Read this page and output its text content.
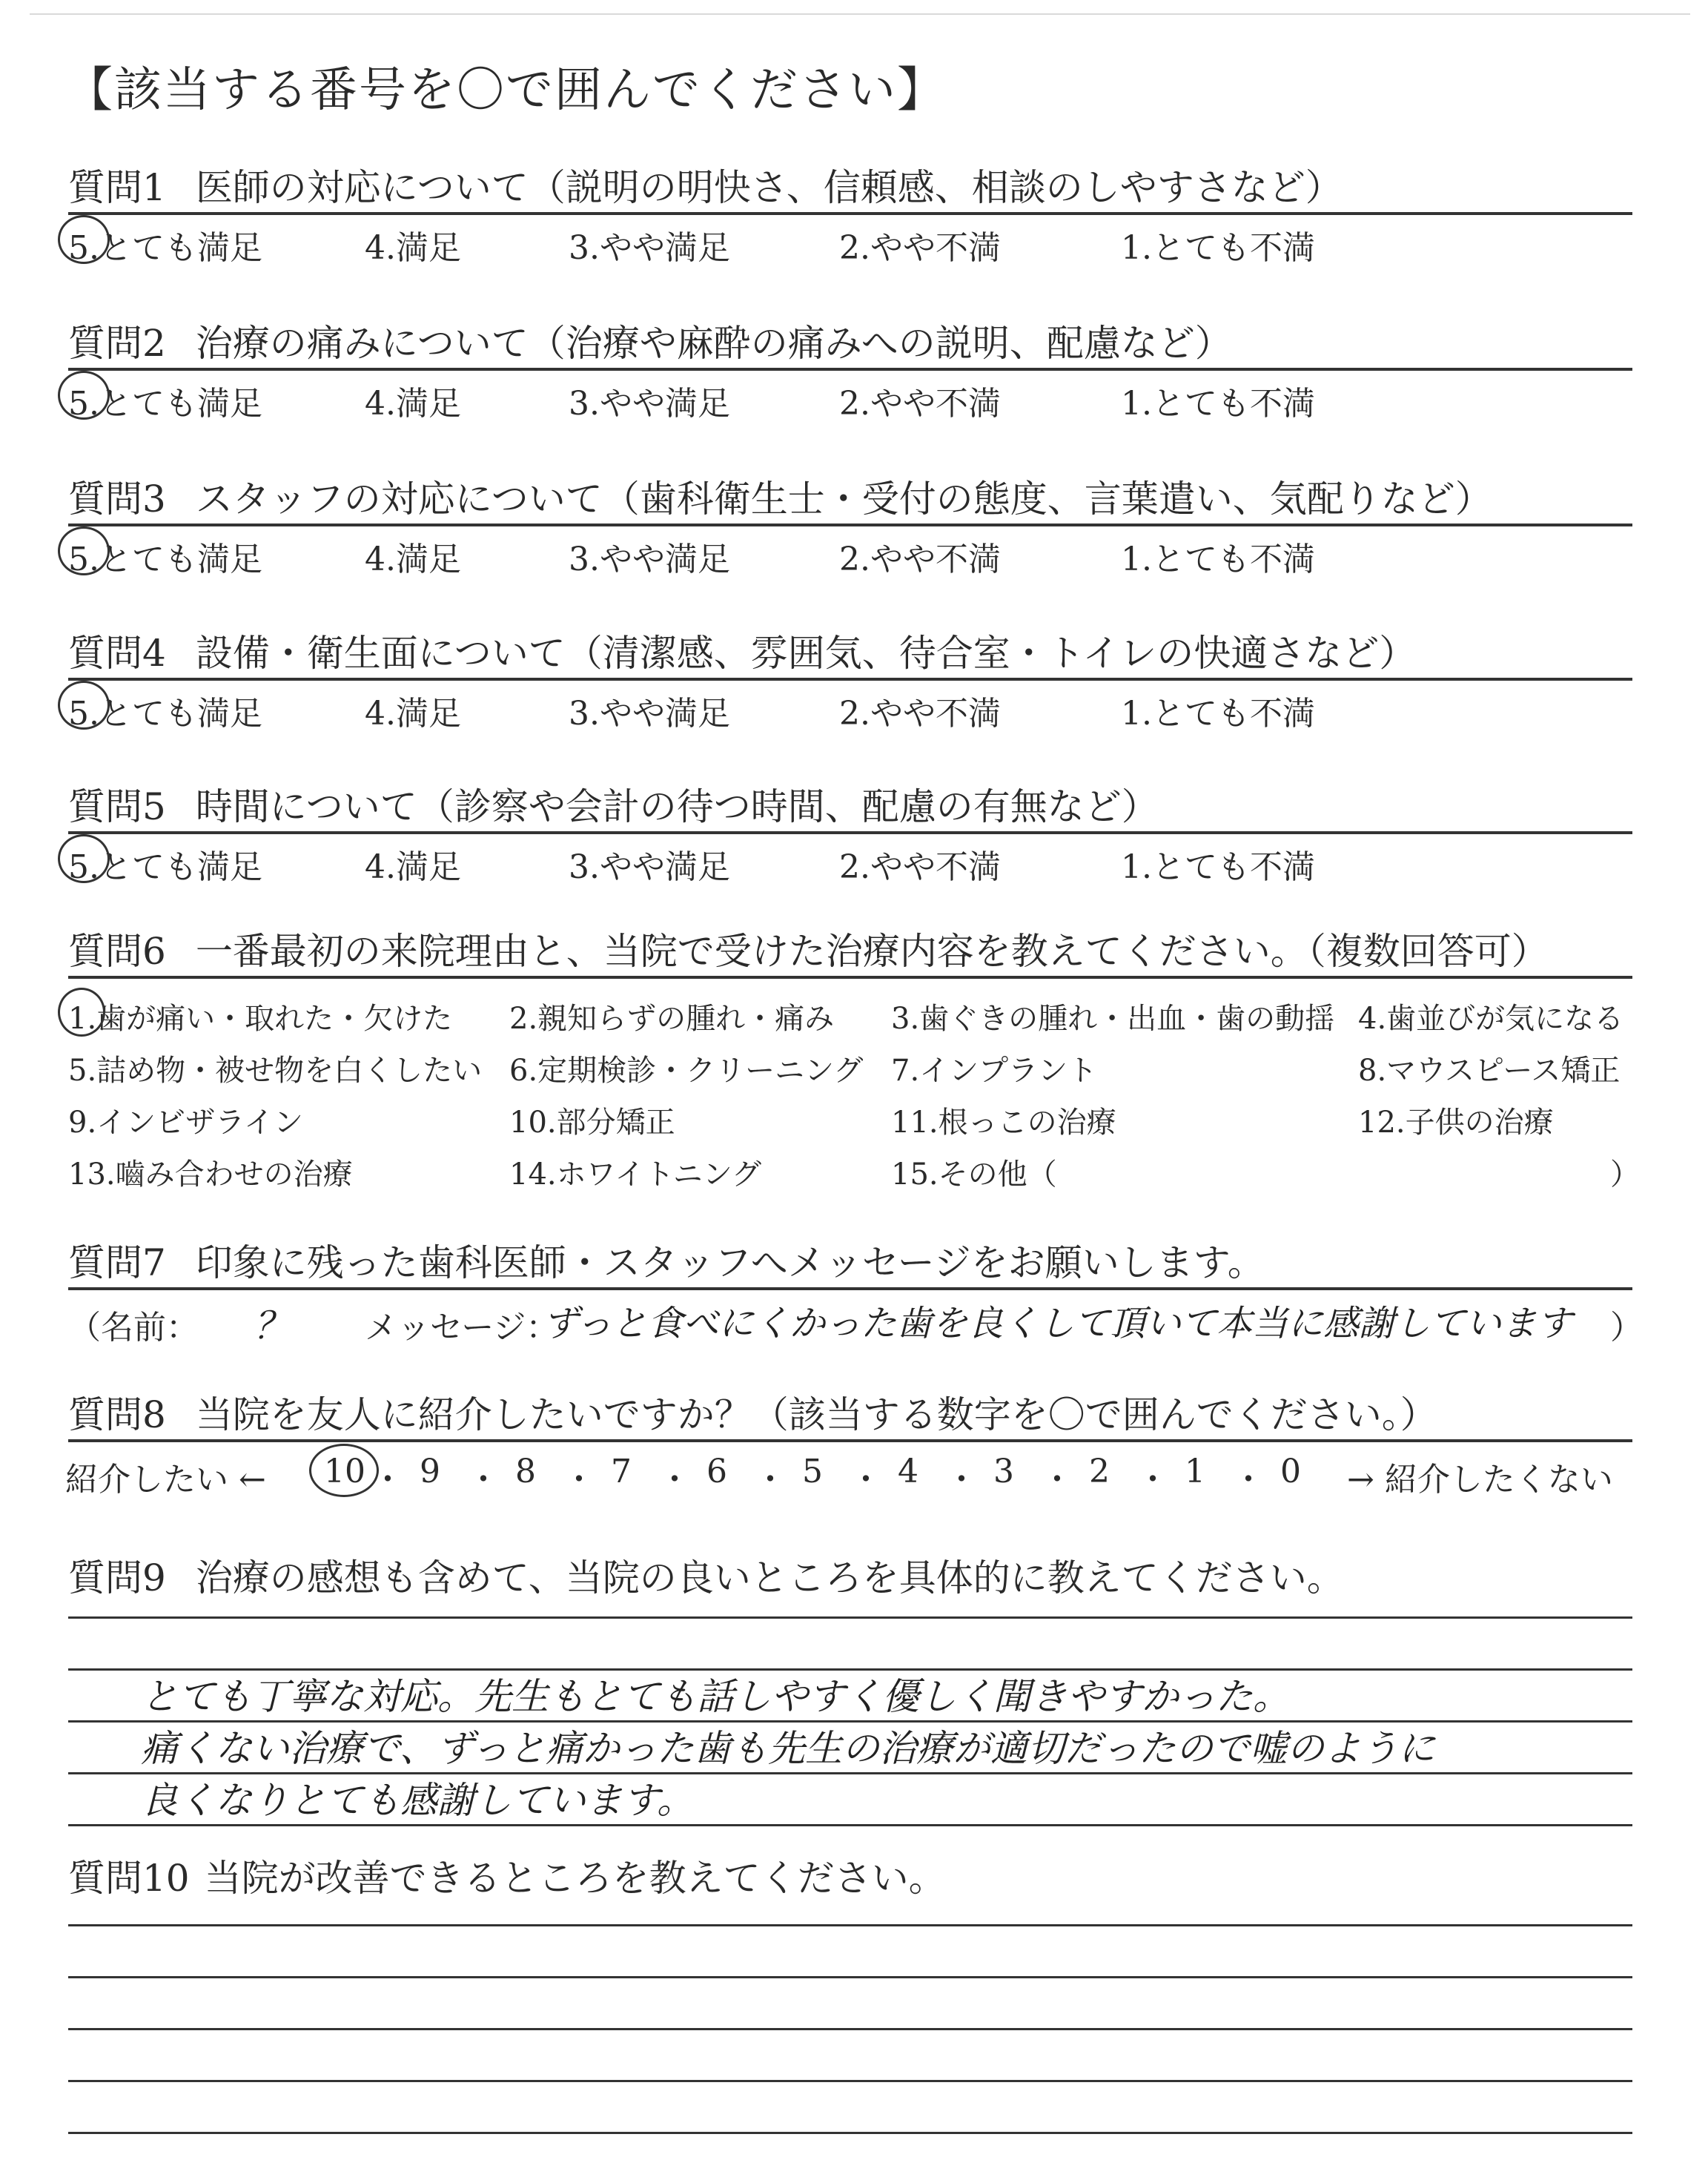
【該当する番号を〇で囲んでください】
質問1 医師の対応について（説明の明快さ、信頼感、相談のしやすさなど）
5.とても満足	4.満足	3.やや満足	2.やや不満	1.とても不満
質問2 治療の痛みについて（治療や麻酔の痛みへの説明、配慮など）
5.とても満足	4.満足	3.やや満足	2.やや不満	1.とても不満
質問3 スタッフの対応について（歯科衛生士・受付の態度、言葉遣い、気配りなど）
5.とても満足	4.満足	3.やや満足	2.やや不満	1.とても不満
質問4 設備・衛生面について（清潔感、雰囲気、待合室・トイレの快適さなど）
5.とても満足	4.満足	3.やや満足	2.やや不満	1.とても不満
質問5 時間について（診察や会計の待つ時間、配慮の有無など）
5.とても満足	4.満足	3.やや満足	2.やや不満	1.とても不満
質問6 一番最初の来院理由と、当院で受けた治療内容を教えてください。（複数回答可）
1.歯が痛い・取れた・欠けた 2.親知らずの腫れ・痛み 3.歯ぐきの腫れ・出血・歯の動揺 4.歯並びが気になる
5.詰め物・被せ物を白くしたい 6.定期検診・クリーニング 7.インプラント	8.マウスピース矯正
9.インビザライン	10.部分矯正	11.根っこの治療	12.子供の治療
13.嚙み合わせの治療	14.ホワイトニング	15.その他（	）
質問7 印象に残った歯科医師・スタッフへメッセージをお願いします。
（名前： ？ メッセージ：
ずっと食べにくかった歯を良くして頂いて本当に感謝しています ）
質問8 当院を友人に紹介したいですか？（該当する数字を〇で囲んでください。）
紹介したい ←	→ 紹介したくない
10 ・ 9 ・ 8 ・ 7 ・ 6 ・ 5 ・ 4 ・ 3 ・ 2 ・ 1 ・ 0
質問9 治療の感想も含めて、当院の良いところを具体的に教えてください。
とても丁寧な対応。先生もとても話しやすく優しく聞きやすかった。
痛くない治療で、ずっと痛かった歯も先生の治療が適切だったので嘘のように
良くなりとても感謝しています。
質問10 当院が改善できるところを教えてください。
